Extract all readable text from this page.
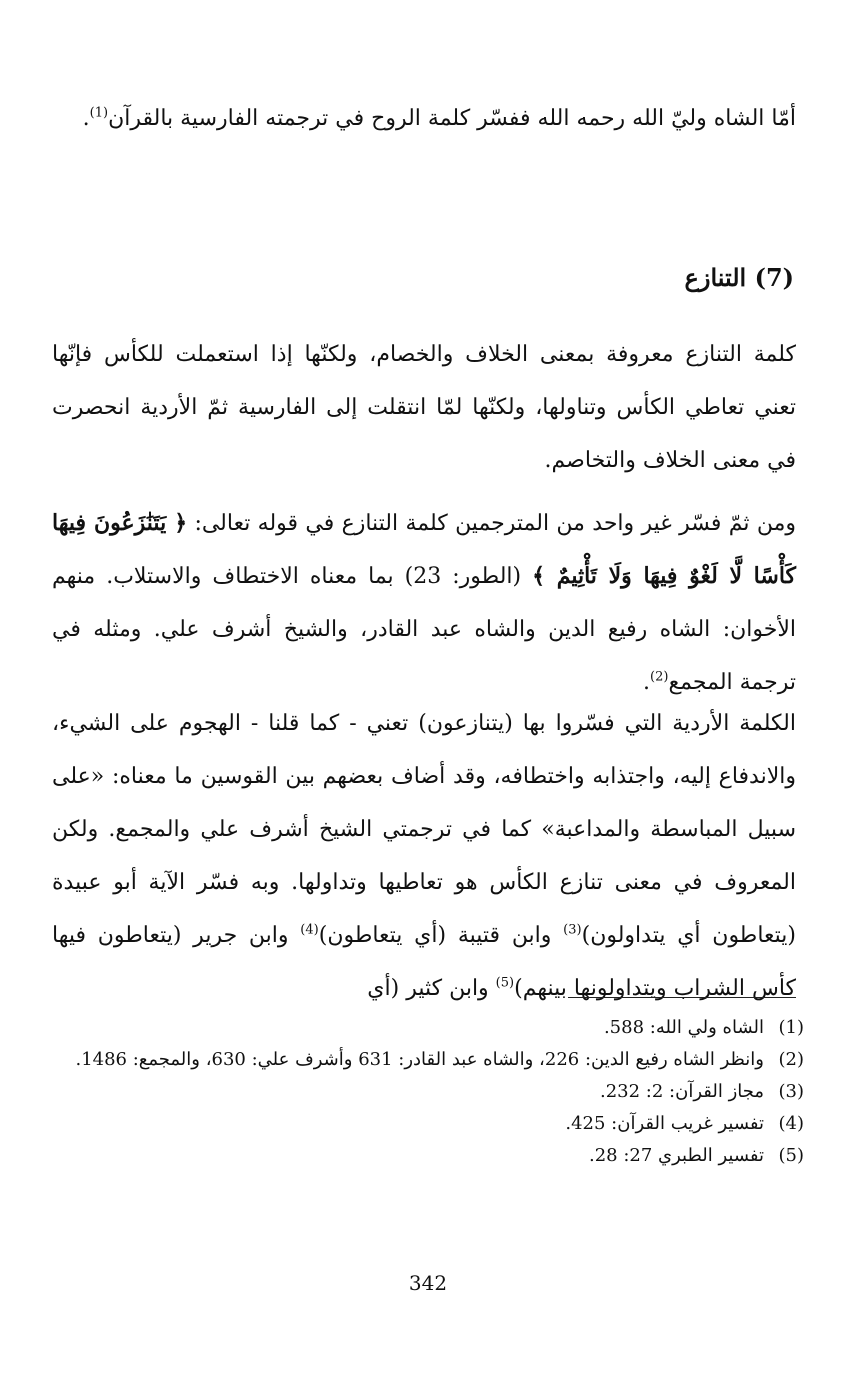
أمّا الشاه وليّ الله رحمه الله ففسّر كلمة الروح في ترجمته الفارسية بالقرآن$^{(1)}$.

(7) التنازع

كلمة التنازع معروفة بمعنى الخلاف والخصام، ولكنّها إذا استعملت للكأس فإنّها تعني تعاطي الكأس وتناولها، ولكنّها لمّا انتقلت إلى الفارسية ثمّ الأردية انحصرت في معنى الخلاف والتخاصم.

ومن ثمّ فسّر غير واحد من المترجمين كلمة التنازع في قوله تعالى: ﴿ يَتَنَٰزَعُونَ فِيهَا كَأْسًا لَّا لَغْوٌ فِيهَا وَلَا تَأْثِيمٌ ﴾ (الطور: 23) بما معناه الاختطاف والاستلاب. منهم الأخوان: الشاه رفيع الدين والشاه عبد القادر، والشيخ أشرف علي. ومثله في ترجمة المجمع$^{(2)}$.

الكلمة الأردية التي فسّروا بها (يتنازعون) تعني - كما قلنا - الهجوم على الشيء، والاندفاع إليه، واجتذابه واختطافه، وقد أضاف بعضهم بين القوسين ما معناه: «على سبيل المباسطة والمداعبة» كما في ترجمتي الشيخ أشرف علي والمجمع. ولكن المعروف في معنى تنازع الكأس هو تعاطيها وتداولها. وبه فسّر الآية أبو عبيدة (يتعاطون أي يتداولون)$^{(3)}$ وابن قتيبة (أي يتعاطون)$^{(4)}$ وابن جرير (يتعاطون فيها كأس الشراب ويتداولونها بينهم)$^{(5)}$ وابن كثير (أي

(1)
الشاه ولي الله: 588.
(2)
وانظر الشاه رفيع الدين: 226، والشاه عبد القادر: 631 وأشرف علي: 630، والمجمع: 1486.
(3)
مجاز القرآن: 2: 232.
(4)
تفسير غريب القرآن: 425.
(5)
تفسير الطبري 27: 28.
342
